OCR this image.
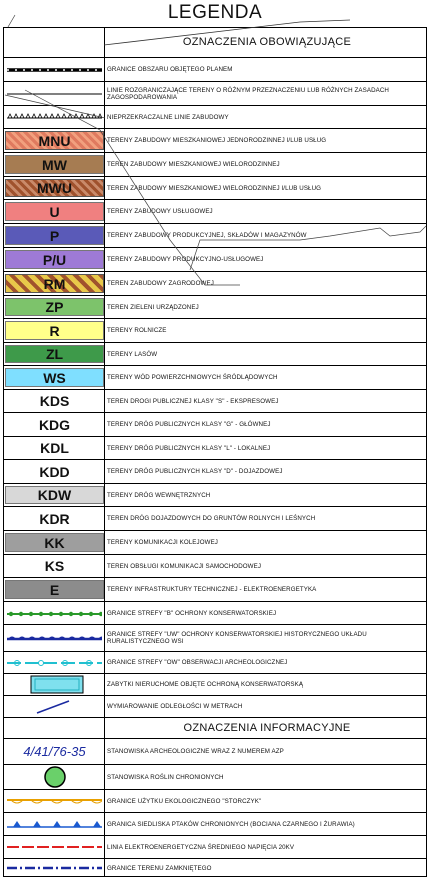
LEGENDA
OZNACZENIA OBOWIĄZUJĄCE
GRANICE OBSZARU OBJĘTEGO PLANEM
LINIE ROZGRANICZAJĄCE TERENY O RÓŻNYM PRZEZNACZENIU LUB RÓŻNYCH ZASADACH ZAGOSPODAROWANIA
NIEPRZEKRACZALNE LINIE ZABUDOWY
MNU	TERENY ZABUDOWY MIESZKANIOWEJ JEDNORODZINNEJ I/LUB USŁUG
MW	TEREN ZABUDOWY MIESZKANIOWEJ WIELORODZINNEJ
MWU	TEREN ZABUDOWY MIESZKANIOWEJ WIELORODZINNEJ I/LUB USŁUG
U	TERENY ZABUDOWY USŁUGOWEJ
P	TERENY ZABUDOWY PRODUKCYJNEJ, SKŁADÓW I MAGAZYNÓW
P/U	TERENY ZABUDOWY PRODUKCYJNO-USŁUGOWEJ
RM	TEREN ZABUDOWY ZAGRODOWEJ
ZP	TEREN ZIELENI URZĄDZONEJ
R	TERENY ROLNICZE
ZL	TERENY LASÓW
WS	TERENY WÓD POWIERZCHNIOWYCH ŚRÓDLĄDOWYCH
KDS	TEREN DROGI PUBLICZNEJ KLASY "S" - EKSPRESOWEJ
KDG	TERENY DRÓG PUBLICZNYCH KLASY "G" - GŁÓWNEJ
KDL	TERENY DRÓG PUBLICZNYCH KLASY "L" - LOKALNEJ
KDD	TERENY DRÓG PUBLICZNYCH KLASY "D" - DOJAZDOWEJ
KDW	TERENY DRÓG WEWNĘTRZNYCH
KDR	TEREN DRÓG DOJAZDOWYCH DO GRUNTÓW ROLNYCH I LEŚNYCH
KK	TERENY KOMUNIKACJI KOLEJOWEJ
KS	TEREN OBSŁUGI KOMUNIKACJI SAMOCHODOWEJ
E	TERENY INFRASTRUKTURY TECHNICZNEJ - ELEKTROENERGETYKA
GRANICE STREFY "B" OCHRONY KONSERWATORSKIEJ
GRANICE STREFY "UW" OCHRONY KONSERWATORSKIEJ HISTORYCZNEGO UKŁADU RURALISTYCZNEGO WSI
GRANICE STREFY "OW" OBSERWACJI ARCHEOLOGICZNEJ
ZABYTKI NIERUCHOME OBJĘTE OCHRONĄ KONSERWATORSKĄ
WYMIAROWANIE ODLEGŁOŚCI W METRACH
4/41/76-35	STANOWISKA ARCHEOLOGICZNE WRAZ Z NUMEREM AZP
STANOWISKA ROŚLIN CHRONIONYCH
GRANICE UŻYTKU EKOLOGICZNEGO "STORCZYK"
GRANICA SIEDLISKA PTAKÓW CHRONIONYCH (BOCIANA CZARNEGO I ŻURAWIA)
LINIA ELEKTROENERGETYCZNA ŚREDNIEGO NAPIĘCIA 20KV
GRANICE TERENU ZAMKNIĘTEGO
OZNACZENIA INFORMACYJNE
